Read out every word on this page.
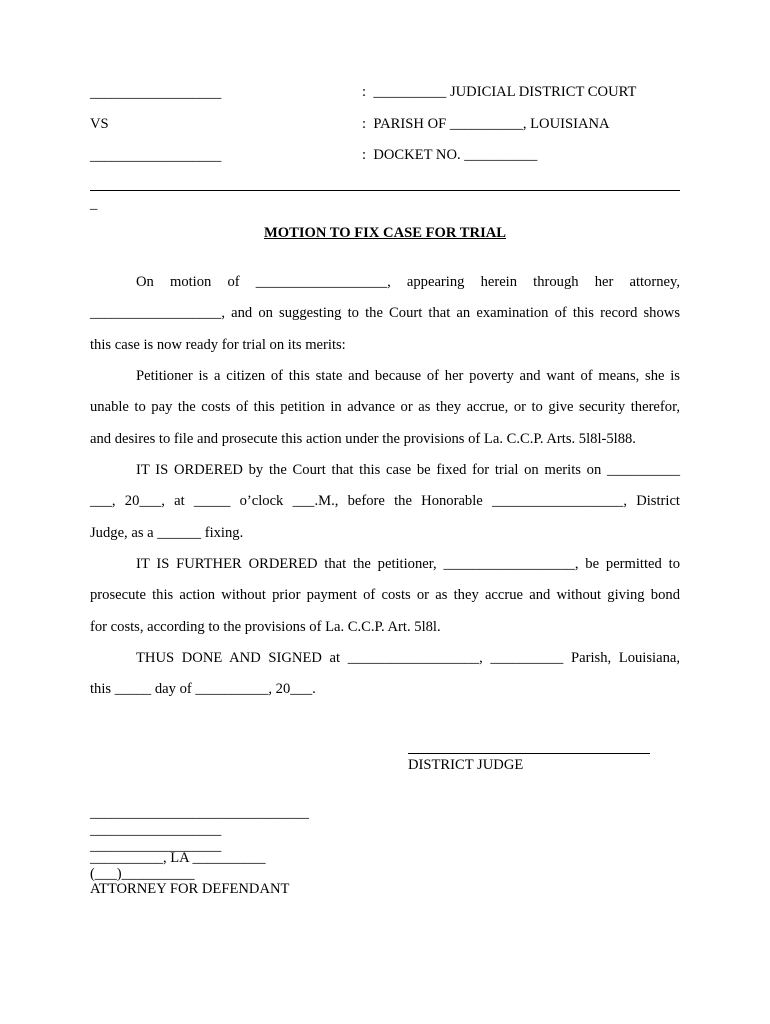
__________________	:  __________ JUDICIAL DISTRICT COURT
VS	:  PARISH OF __________, LOUISIANA
__________________	:  DOCKET NO. __________
_
MOTION TO FIX CASE FOR TRIAL
On motion of __________________, appearing herein through her attorney,
__________________, and on suggesting to the Court that an examination of this record shows
this case is now ready for trial on its merits:
Petitioner is a citizen of this state and because of her poverty and want of means, she is
unable to pay the costs of this petition in advance or as they accrue, or to give security therefor,
and desires to file and prosecute this action under the provisions of La. C.C.P. Arts. 5l8l-5l88.
IT IS ORDERED by the Court that this case be fixed for trial on merits on __________
___, 20___, at _____ o’clock ___.M., before the Honorable __________________, District
Judge, as a ______ fixing.
IT IS FURTHER ORDERED that the petitioner, __________________, be permitted to
prosecute this action without prior payment of costs or as they accrue and without giving bond
for costs, according to the provisions of La. C.C.P. Art. 5l8l.
THUS DONE AND SIGNED at __________________, __________ Parish, Louisiana,
this _____ day of __________, 20___.
DISTRICT JUDGE
______________________________
__________________
__________________
__________, LA __________
(___)__________
ATTORNEY FOR DEFENDANT
